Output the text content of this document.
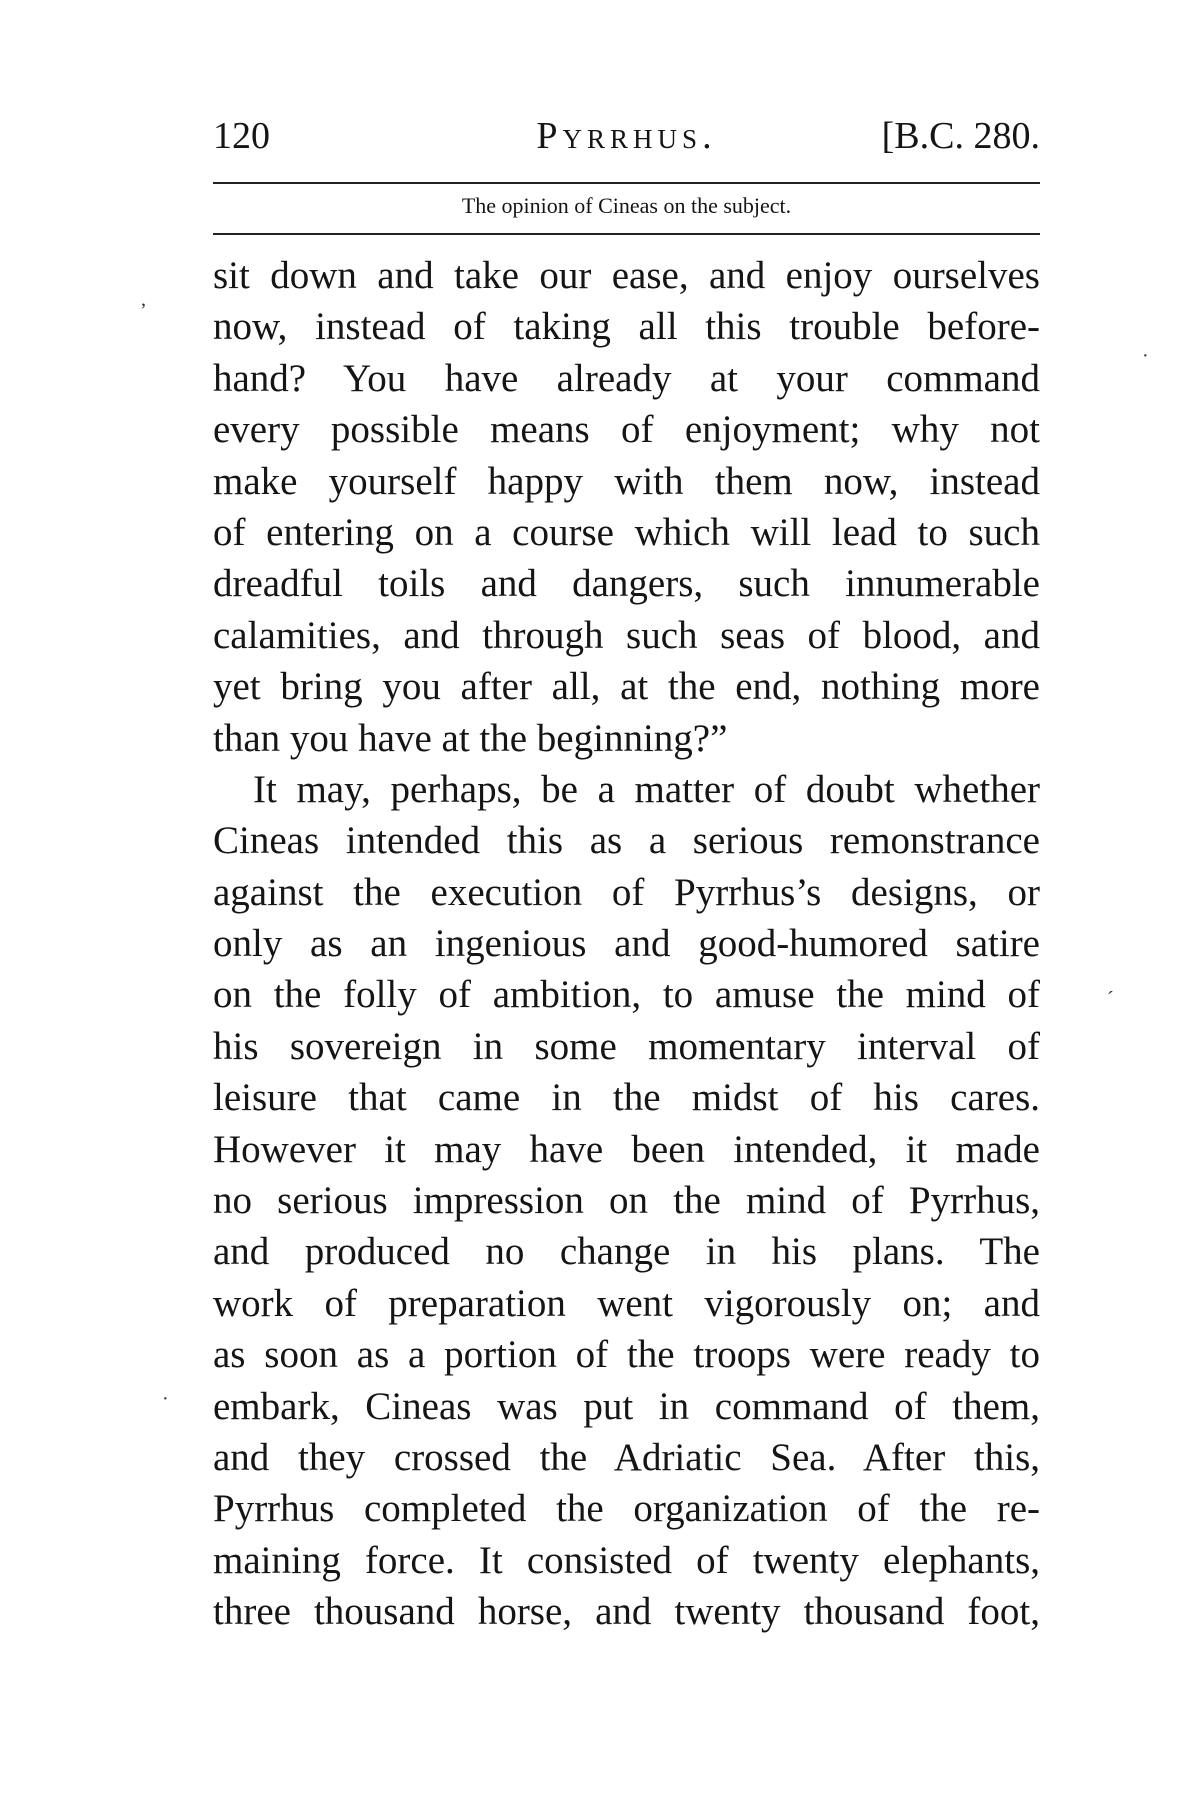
120	Pyrrhus.	[B.C. 280.
The opinion of Cineas on the subject.
sit down and take our ease, and enjoy ourselves
now, instead of taking all this trouble before-
hand? You have already at your command
every possible means of enjoyment; why not
make yourself happy with them now, instead
of entering on a course which will lead to such
dreadful toils and dangers, such innumerable
calamities, and through such seas of blood, and
yet bring you after all, at the end, nothing more
than you have at the beginning?”
It may, perhaps, be a matter of doubt whether
Cineas intended this as a serious remonstrance
against the execution of Pyrrhus’s designs, or
only as an ingenious and good-humored satire
on the folly of ambition, to amuse the mind of
his sovereign in some momentary interval of
leisure that came in the midst of his cares.
However it may have been intended, it made
no serious impression on the mind of Pyrrhus,
and produced no change in his plans. The
work of preparation went vigorously on; and
as soon as a portion of the troops were ready to
embark, Cineas was put in command of them,
and they crossed the Adriatic Sea. After this,
Pyrrhus completed the organization of the re-
maining force. It consisted of twenty elephants,
three thousand horse, and twenty thousand foot,
ʼ
ˊ
·
·
